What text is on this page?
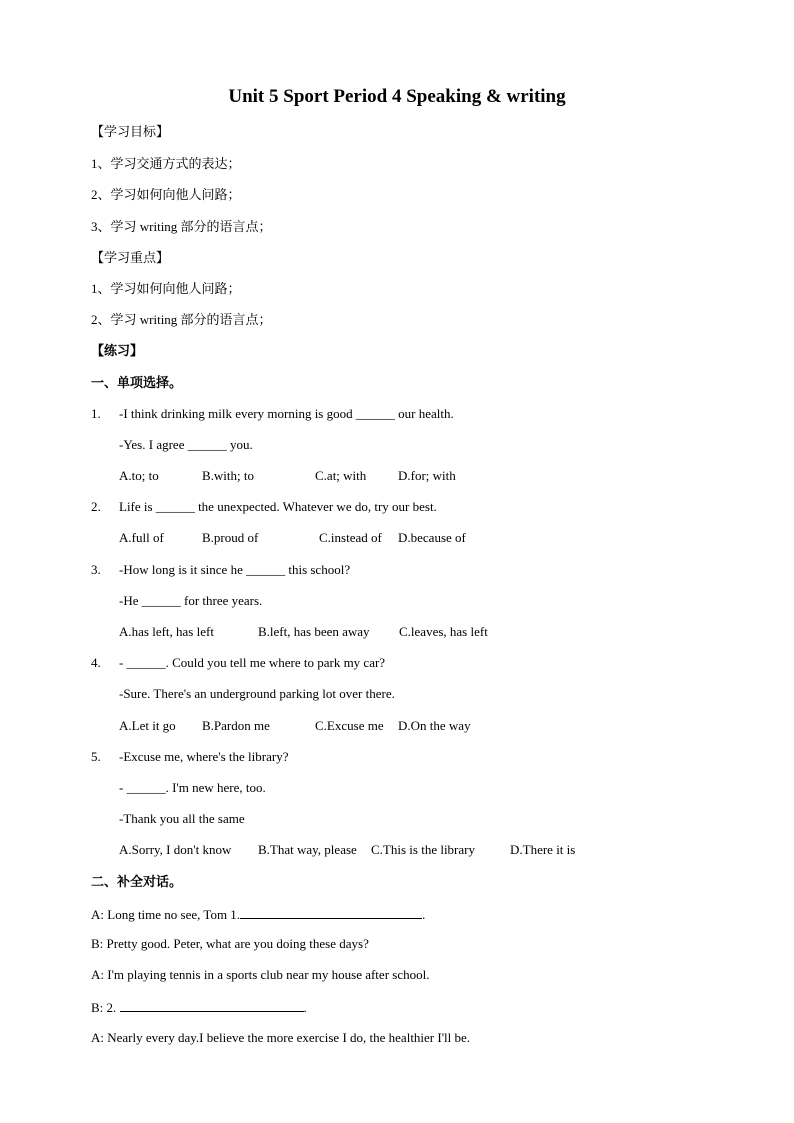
Unit 5 Sport Period 4 Speaking & writing
【学习目标】
1、学习交通方式的表达；
2、学习如何向他人问路；
3、学习 writing 部分的语言点；
【学习重点】
1、学习如何向他人问路；
2、学习 writing 部分的语言点；
【练习】
一、单项选择。
1. -I think drinking milk every morning is good ______ our health.
-Yes. I agree ______ you.
A.to; to	B.with; to	C.at; with D.for; with
2. Life is ______ the unexpected. Whatever we do, try our best.
A.full of	B.proud of	C.instead of D.because of
3. -How long is it since he ______ this school?
-He ______ for three years.
A.has left, has left	B.left, has been away C.leaves, has left
4. - ______. Could you tell me where to park my car?
-Sure. There's an underground parking lot over there.
A.Let it go B.Pardon me	C.Excuse me D.On the way
5. -Excuse me, where's the library?
- ______. I'm new here, too.
-Thank you all the same
A.Sorry, I don't know B.That way, please C.This is the library	D.There it is
二、补全对话。
A: Long time no see, Tom 1.	.
B: Pretty good. Peter, what are you doing these days?
A: I'm playing tennis in a sports club near my house after school.
B: 2.	.
A: Nearly every day.I believe the more exercise I do, the healthier I'll be.
